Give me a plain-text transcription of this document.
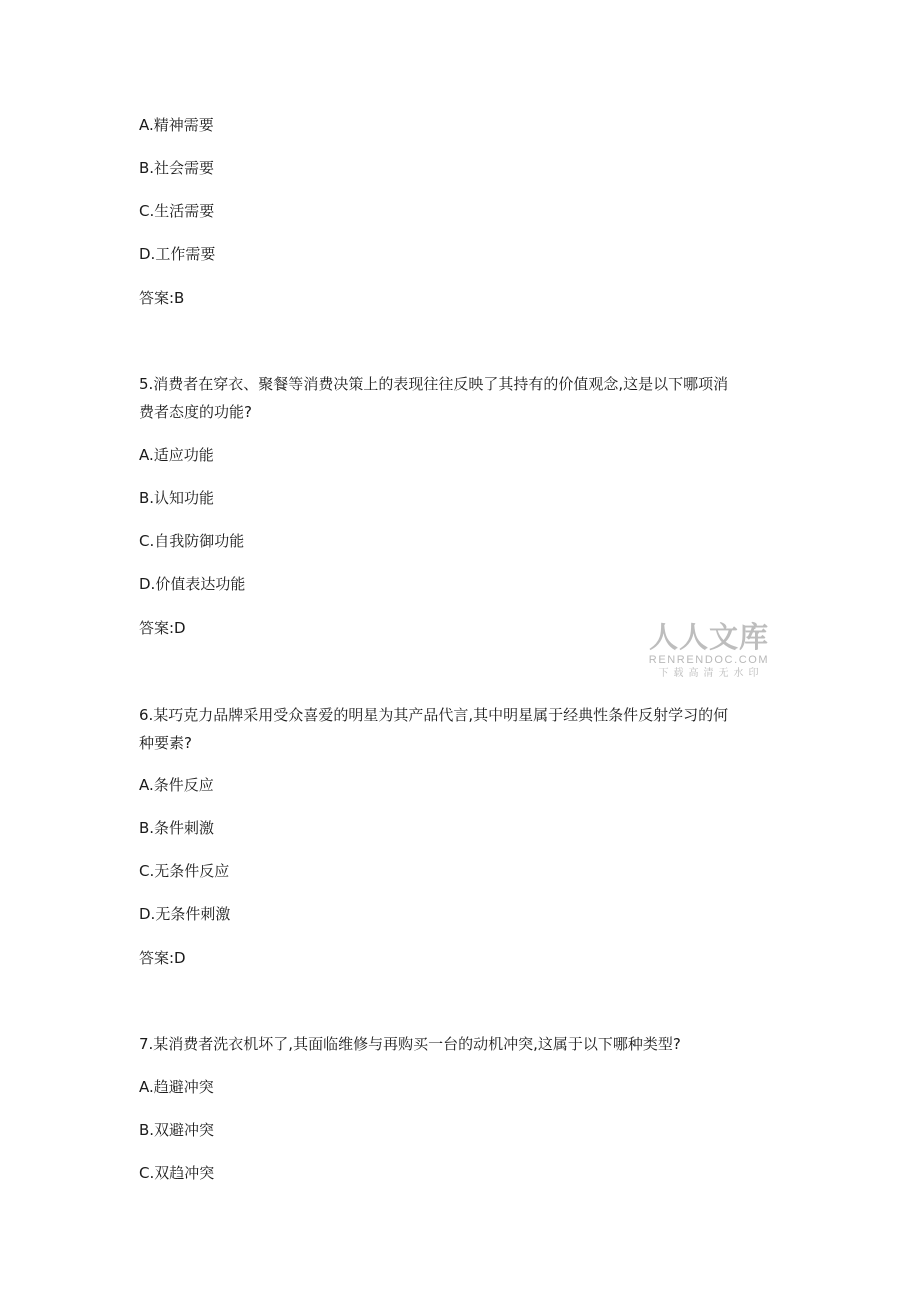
A.精神需要
B.社会需要
C.生活需要
D.工作需要
答案:B
5.消费者在穿衣、聚餐等消费决策上的表现往往反映了其持有的价值观念,这是以下哪项消
费者态度的功能?
A.适应功能
B.认知功能
C.自我防御功能
D.价值表达功能
答案:D	人人文库
RENRENDOC.COM
下载高清无水印
6.某巧克力品牌采用受众喜爱的明星为其产品代言,其中明星属于经典性条件反射学习的何
种要素?
A.条件反应
B.条件刺激
C.无条件反应
D.无条件刺激
答案:D
7.某消费者洗衣机坏了,其面临维修与再购买一台的动机冲突,这属于以下哪种类型?
A.趋避冲突
B.双避冲突
C.双趋冲突
